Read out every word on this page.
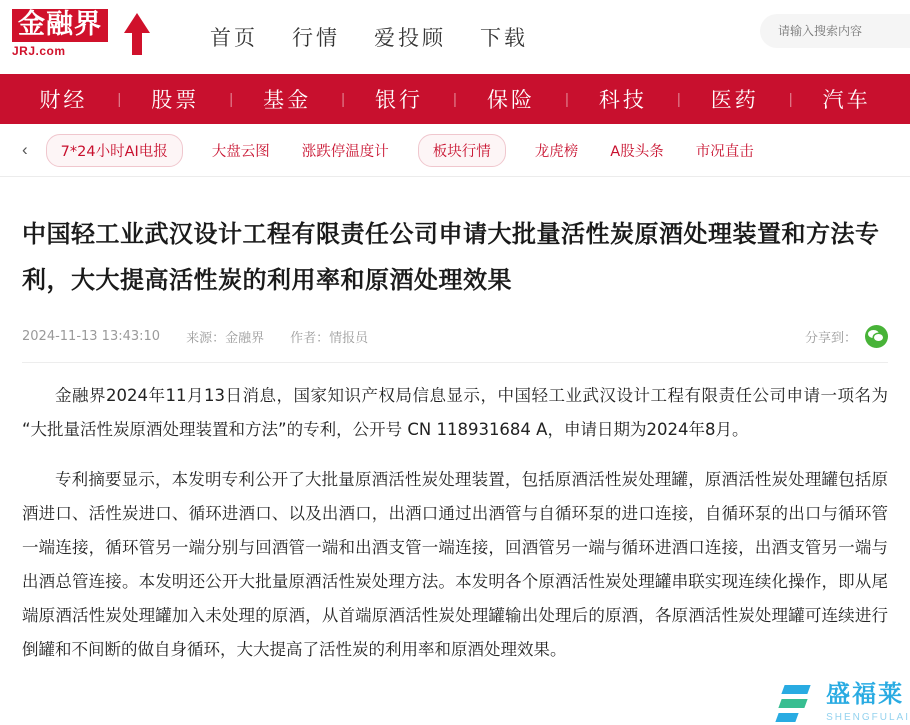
金融界
JRJ.com
首页 行情 爱投顾 下载
请输入搜索内容
财经	|	股票	|	基金	|	银行	|	保险	|	科技	|	医药	|	汽车
‹	7*24小时AI电报	大盘云图 涨跌停温度计	板块行情	龙虎榜 A股头条 市况直击
中国轻工业武汉设计工程有限责任公司申请大批量活性炭原酒处理装置和方法专利，大大提高活性炭的利用率和原酒处理效果
2024-11-13 13:43:10 来源： 金融界 作者： 情报员	分享到：

金融界2024年11月13日消息，国家知识产权局信息显示，中国轻工业武汉设计工程有限责任公司申请一项名为“大批量活性炭原酒处理装置和方法”的专利，公开号 CN 118931684 A，申请日期为2024年8月。

专利摘要显示，本发明专利公开了大批量原酒活性炭处理装置，包括原酒活性炭处理罐，原酒活性炭处理罐包括原酒进口、活性炭进口、循环进酒口、以及出酒口，出酒口通过出酒管与自循环泵的进口连接，自循环泵的出口与循环管一端连接，循环管另一端分别与回酒管一端和出酒支管一端连接，回酒管另一端与循环进酒口连接，出酒支管另一端与出酒总管连接。本发明还公开大批量原酒活性炭处理方法。本发明各个原酒活性炭处理罐串联实现连续化操作，即从尾端原酒活性炭处理罐加入未处理的原酒，从首端原酒活性炭处理罐输出处理后的原酒，各原酒活性炭处理罐可连续进行倒罐和不间断的做自身循环，大大提高了活性炭的利用率和原酒处理效果。

盛福莱
SHENGFULAI
